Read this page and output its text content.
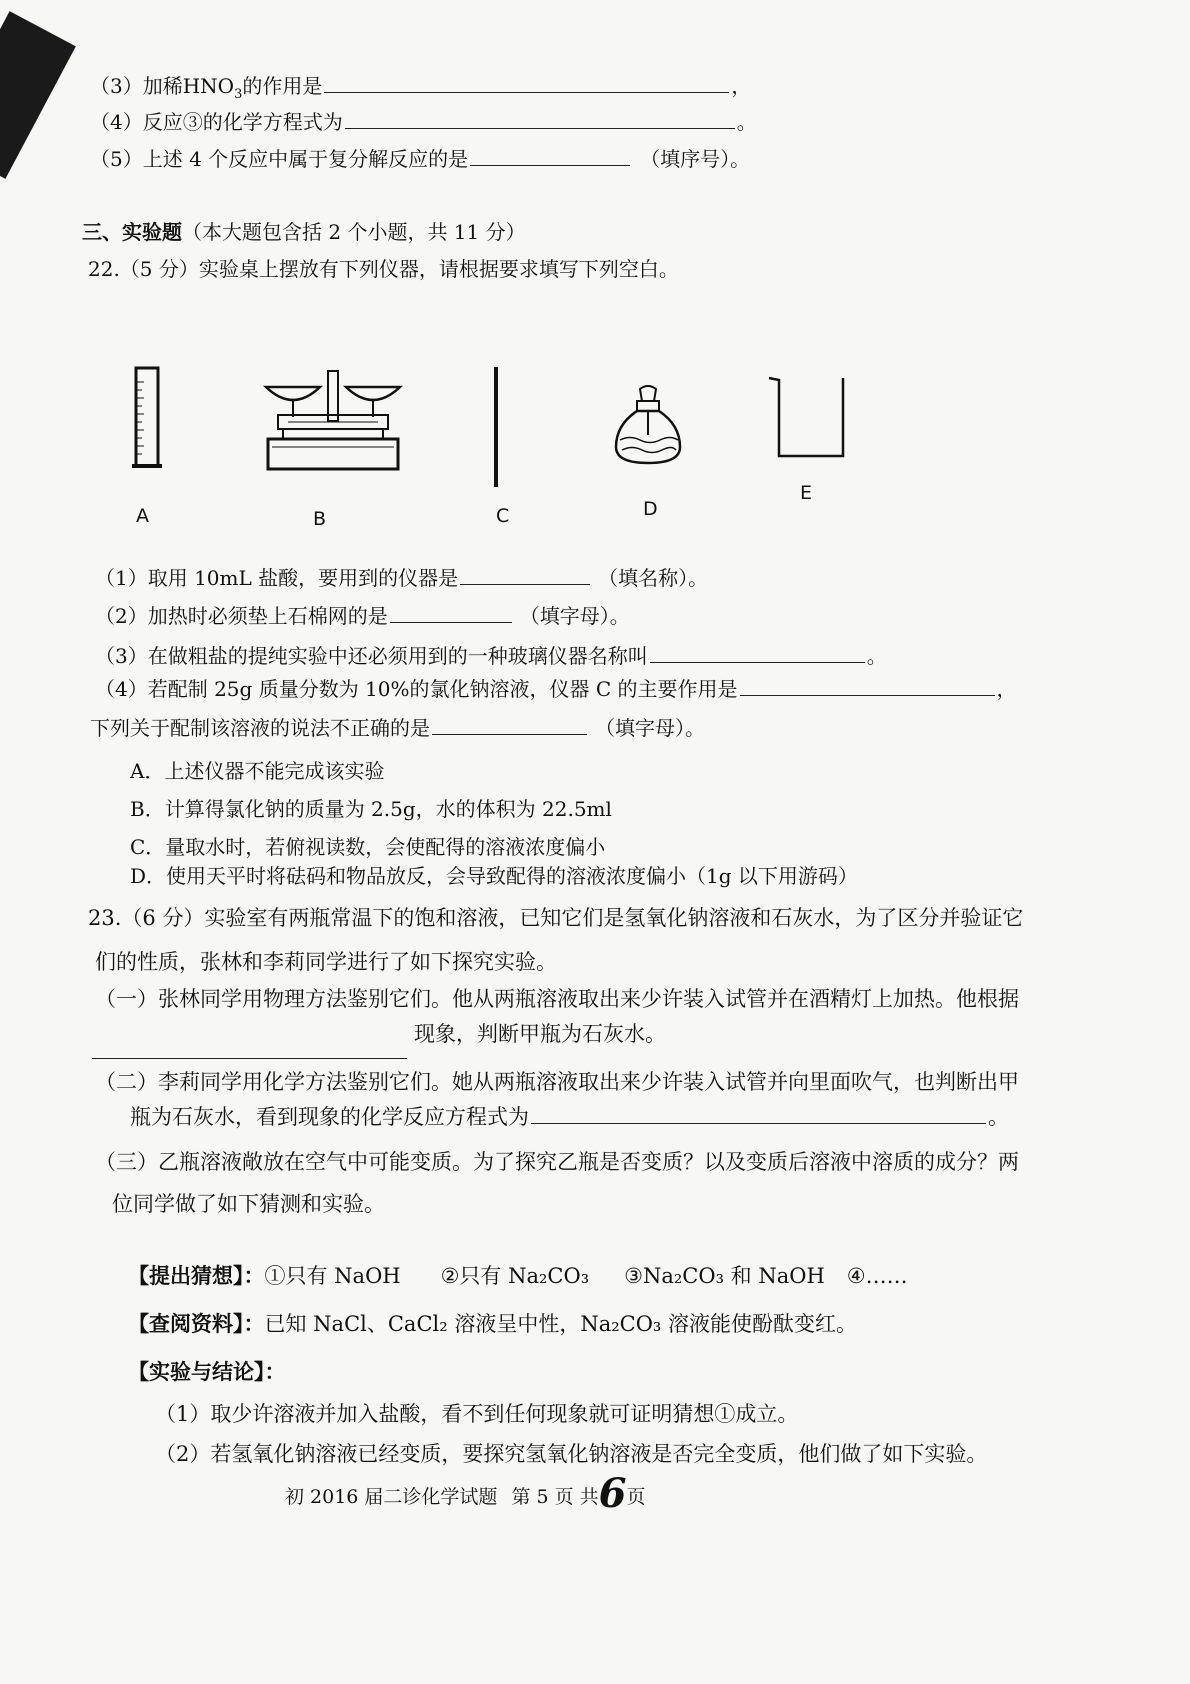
（3）加稀$HNO_3$的作用是	，
（4）反应③的化学方程式为	。
（5）上述 4 个反应中属于复分解反应的是	（填序号）。
三、实验题（本大题包含括 2 个小题，共 11 分）
22.（5 分）实验桌上摆放有下列仪器，请根据要求填写下列空白。
A	B	C	D
E
（1）取用 10mL 盐酸，要用到的仪器是	（填名称）。
（2）加热时必须垫上石棉网的是	（填字母）。
（3）在做粗盐的提纯实验中还必须用到的一种玻璃仪器名称叫	。
（4）若配制 25g 质量分数为 10%的氯化钠溶液，仪器 C 的主要作用是	，
下列关于配制该溶液的说法不正确的是	（填字母）。
A．上述仪器不能完成该实验
B．计算得氯化钠的质量为 2.5g，水的体积为 22.5ml
C．量取水时，若俯视读数，会使配得的溶液浓度偏小
D．使用天平时将砝码和物品放反，会导致配得的溶液浓度偏小（1g 以下用游码）
23.（6 分）实验室有两瓶常温下的饱和溶液，已知它们是氢氧化钠溶液和石灰水，为了区分并验证它
们的性质，张林和李莉同学进行了如下探究实验。
（一）张林同学用物理方法鉴别它们。他从两瓶溶液取出来少许装入试管并在酒精灯上加热。他根据
现象，判断甲瓶为石灰水。
（二）李莉同学用化学方法鉴别它们。她从两瓶溶液取出来少许装入试管并向里面吹气，也判断出甲
瓶为石灰水，看到现象的化学反应方程式为	。
（三）乙瓶溶液敞放在空气中可能变质。为了探究乙瓶是否变质？以及变质后溶液中溶质的成分？两
位同学做了如下猜测和实验。
【提出猜想】：①只有 NaOH ②只有 Na₂CO₃ ③Na₂CO₃ 和 NaOH ④……
【查阅资料】：已知 NaCl、CaCl₂ 溶液呈中性，Na₂CO₃ 溶液能使酚酞变红。
【实验与结论】：
（1）取少许溶液并加入盐酸，看不到任何现象就可证明猜想①成立。
（2）若氢氧化钠溶液已经变质，要探究氢氧化钠溶液是否完全变质，他们做了如下实验。
初 2016 届二诊化学试题 第 5 页 共6页
